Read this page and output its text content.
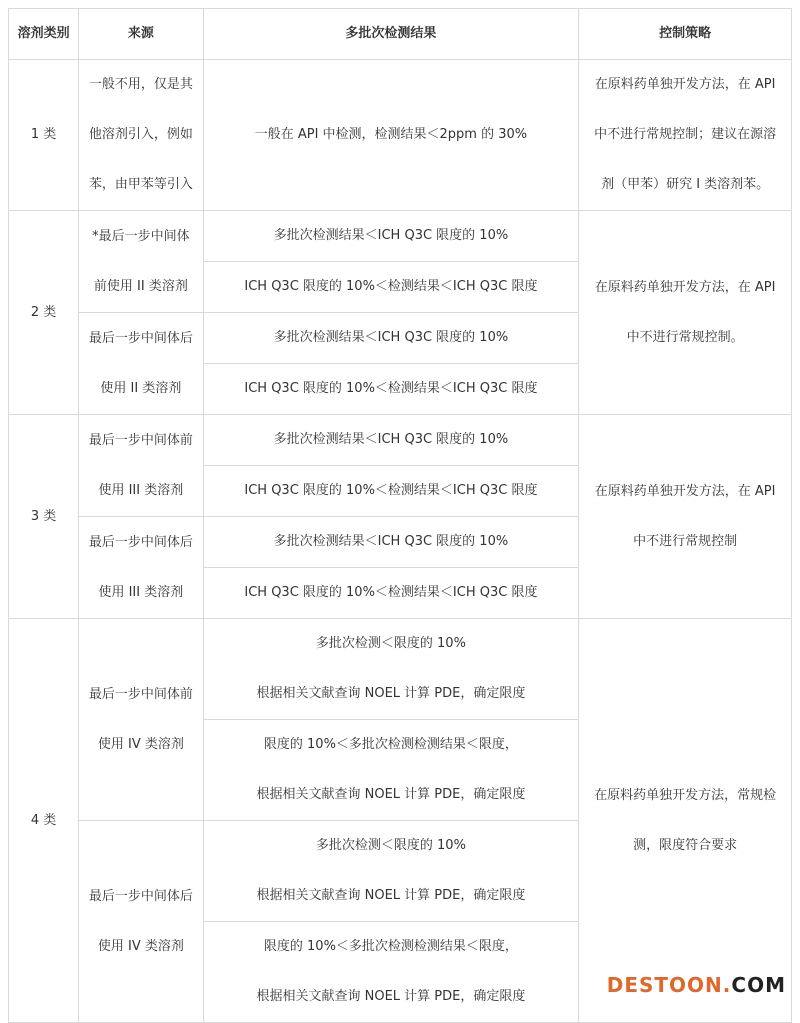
溶剂类别	来源	多批次检测结果	控制策略
1 类	一般不用，仅是其
他溶剂引入，例如
苯，由甲苯等引入	一般在 API 中检测，检测结果＜2ppm 的 30%	在原料药单独开发方法，在 API
中不进行常规控制；建议在源溶
剂（甲苯）研究 I 类溶剂苯。

2 类	*最后一步中间体
前使用 II 类溶剂	多批次检测结果＜ICH Q3C 限度的 10%	在原料药单独开发方法，在 API
中不进行常规控制。

		ICH Q3C 限度的 10%＜检测结果＜ICH Q3C 限度	

	最后一步中间体后
使用 II 类溶剂	多批次检测结果＜ICH Q3C 限度的 10%	
		ICH Q3C 限度的 10%＜检测结果＜ICH Q3C 限度	
3 类	最后一步中间体前
使用 III 类溶剂	多批次检测结果＜ICH Q3C 限度的 10%	在原料药单独开发方法，在 API
中不进行常规控制

		ICH Q3C 限度的 10%＜检测结果＜ICH Q3C 限度	

	最后一步中间体后
使用 III 类溶剂	多批次检测结果＜ICH Q3C 限度的 10%	
		ICH Q3C 限度的 10%＜检测结果＜ICH Q3C 限度	
4 类	最后一步中间体前
使用 IV 类溶剂	多批次检测＜限度的 10%
根据相关文献查询 NOEL 计算 PDE，确定限度	在原料药单独开发方法，常规检
测，限度符合要求

		限度的 10%＜多批次检测检测结果＜限度，
根据相关文献查询 NOEL 计算 PDE，确定限度	

	最后一步中间体后
使用 IV 类溶剂	多批次检测＜限度的 10%
根据相关文献查询 NOEL 计算 PDE，确定限度	

		限度的 10%＜多批次检测检测结果＜限度，
根据相关文献查询 NOEL 计算 PDE，确定限度		DESTOON.COM
